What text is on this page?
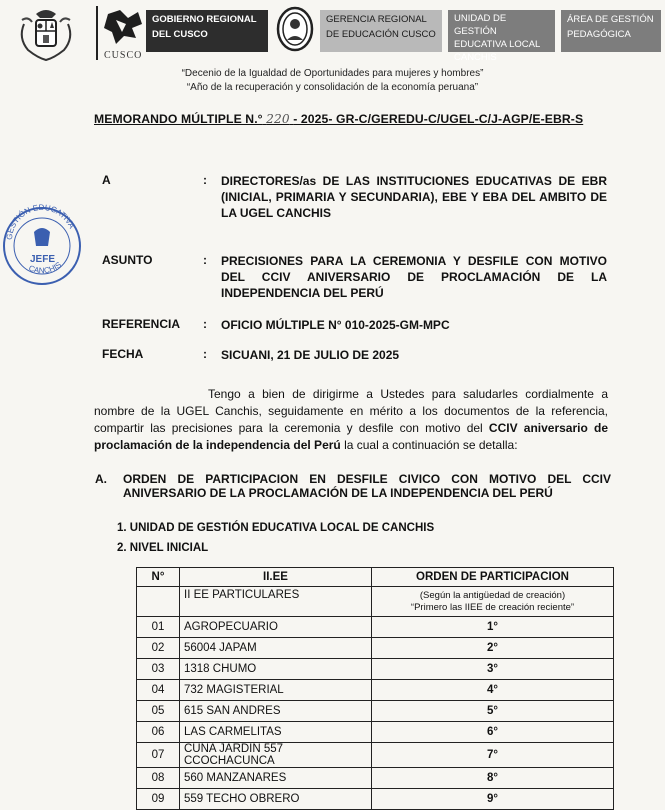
CUSCO
GOBIERNO REGIONAL
DEL CUSCO
GERENCIA REGIONAL
DE EDUCACIÓN CUSCO
UNIDAD DE GESTIÓN
EDUCATIVA LOCAL
CANCHIS
ÁREA DE GESTIÓN
PEDAGÓGICA
“Decenio de la Igualdad de Oportunidades para mujeres y hombres”
“Año de la recuperación y consolidación de la economía peruana”
MEMORANDO MÚLTIPLE N.° 220 - 2025- GR-C/GEREDU-C/UGEL-C/J-AGP/E-EBR-S
A	: DIRECTORES/as DE LAS INSTITUCIONES EDUCATIVAS DE EBR (INICIAL, PRIMARIA Y SECUNDARIA), EBE Y EBA DEL AMBITO DE LA UGEL CANCHIS
ASUNTO	: PRECISIONES PARA LA CEREMONIA Y DESFILE CON MOTIVO DEL CCIV ANIVERSARIO DE PROCLAMACIÓN DE LA INDEPENDENCIA DEL PERÚ
REFERENCIA : OFICIO MÚLTIPLE N° 010-2025-GM-MPC
FECHA	: SICUANI, 21 DE JULIO DE 2025
GESTIÓN EDUCATIVA
CANCHIS
JEFE
Tengo a bien de dirigirme a Ustedes para saludarles cordialmente a nombre de la UGEL Canchis, seguidamente en mérito a los documentos de la referencia, compartir las precisiones para la ceremonia y desfile con motivo del CCIV aniversario de proclamación de la independencia del Perú la cual a continuación se detalla:
A. ORDEN DE PARTICIPACION EN DESFILE CIVICO CON MOTIVO DEL CCIV ANIVERSARIO DE LA PROCLAMACIÓN DE LA INDEPENDENCIA DEL PERÚ
1. UNIDAD DE GESTIÓN EDUCATIVA LOCAL DE CANCHIS
2. NIVEL INICIAL
N°	II.EE	ORDEN DE PARTICIPACION
	II EE PARTICULARES	(Según la antigüedad de creación)
“Primero las IIEE de creación reciente”

01	AGROPECUARIO	1°
02	56004 JAPAM	2°
03	1318 CHUMO	3°
04	732 MAGISTERIAL	4°
05	615 SAN ANDRES	5°
06	LAS CARMELITAS	6°
07	CUNA JARDIN 557 CCOCHACUNCA	7°
08	560 MANZANARES	8°
09	559 TECHO OBRERO	9°
